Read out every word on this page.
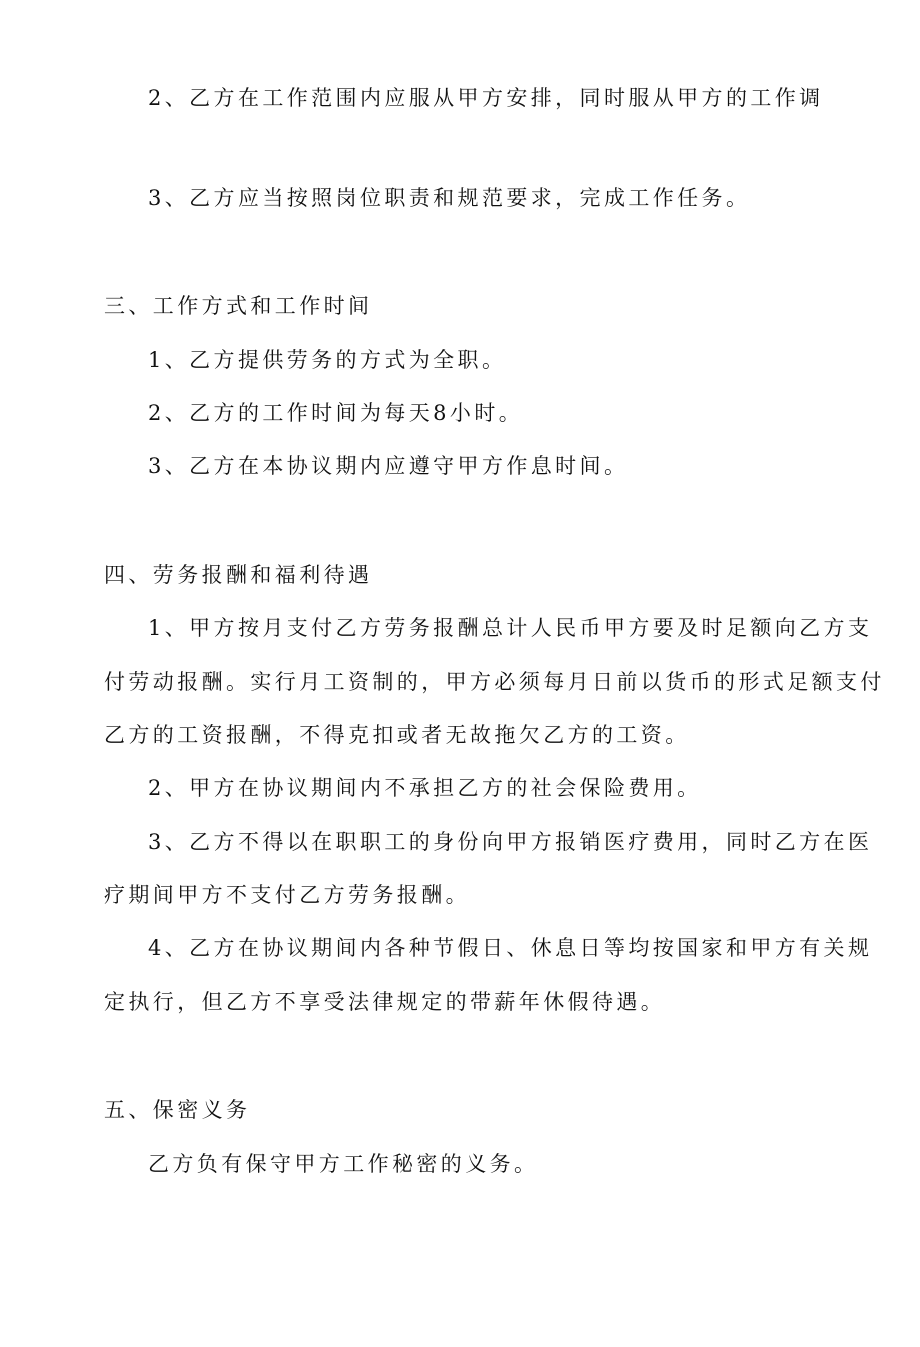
2、乙方在工作范围内应服从甲方安排，同时服从甲方的工作调
3、乙方应当按照岗位职责和规范要求，完成工作任务。
三、工作方式和工作时间
1、乙方提供劳务的方式为全职。
2、乙方的工作时间为每天8小时。
3、乙方在本协议期内应遵守甲方作息时间。
四、劳务报酬和福利待遇
1、甲方按月支付乙方劳务报酬总计人民币甲方要及时足额向乙方支
付劳动报酬。实行月工资制的，甲方必须每月日前以货币的形式足额支付
乙方的工资报酬，不得克扣或者无故拖欠乙方的工资。
2、甲方在协议期间内不承担乙方的社会保险费用。
3、乙方不得以在职职工的身份向甲方报销医疗费用，同时乙方在医
疗期间甲方不支付乙方劳务报酬。
4、乙方在协议期间内各种节假日、休息日等均按国家和甲方有关规
定执行，但乙方不享受法律规定的带薪年休假待遇。
五、保密义务
乙方负有保守甲方工作秘密的义务。
